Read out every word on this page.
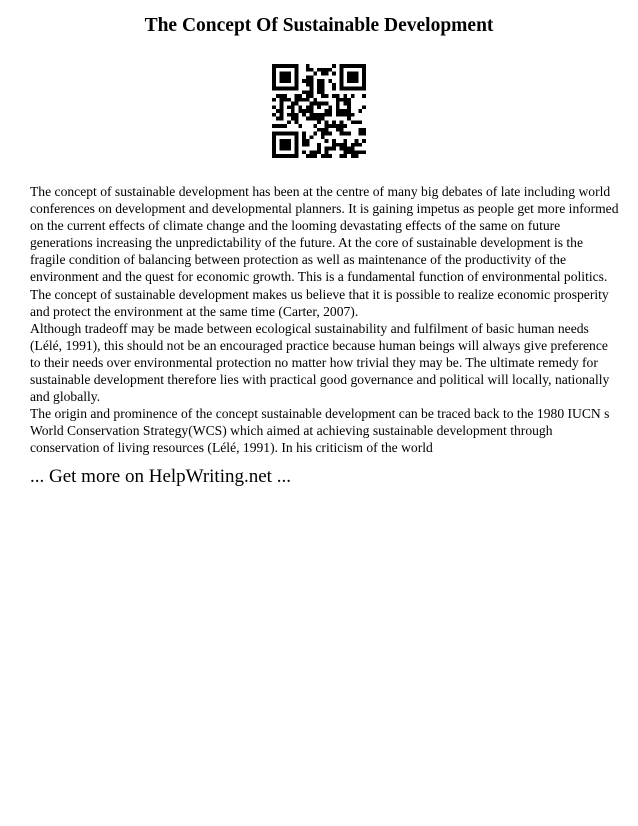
The Concept Of Sustainable Development

The concept of sustainable development has been at the centre of many big debates of late including world conferences on development and developmental planners. It is gaining impetus as people get more informed on the current effects of climate change and the looming devastating effects of the same on future generations increasing the unpredictability of the future. At the core of sustainable development is the fragile condition of balancing between protection as well as maintenance of the productivity of the environment and the quest for economic growth. This is a fundamental function of environmental politics. The concept of sustainable development makes us believe that it is possible to realize economic prosperity and protect the environment at the same time (Carter, 2007).

Although tradeoff may be made between ecological sustainability and fulfilment of basic human needs (Lélé, 1991), this should not be an encouraged practice because human beings will always give preference to their needs over environmental protection no matter how trivial they may be. The ultimate remedy for sustainable development therefore lies with practical good governance and political will locally, nationally and globally.

The origin and prominence of the concept sustainable development can be traced back to the 1980 IUCN s World Conservation Strategy(WCS) which aimed at achieving sustainable development through conservation of living resources (Lélé, 1991). In his criticism of the world

... Get more on HelpWriting.net ...
